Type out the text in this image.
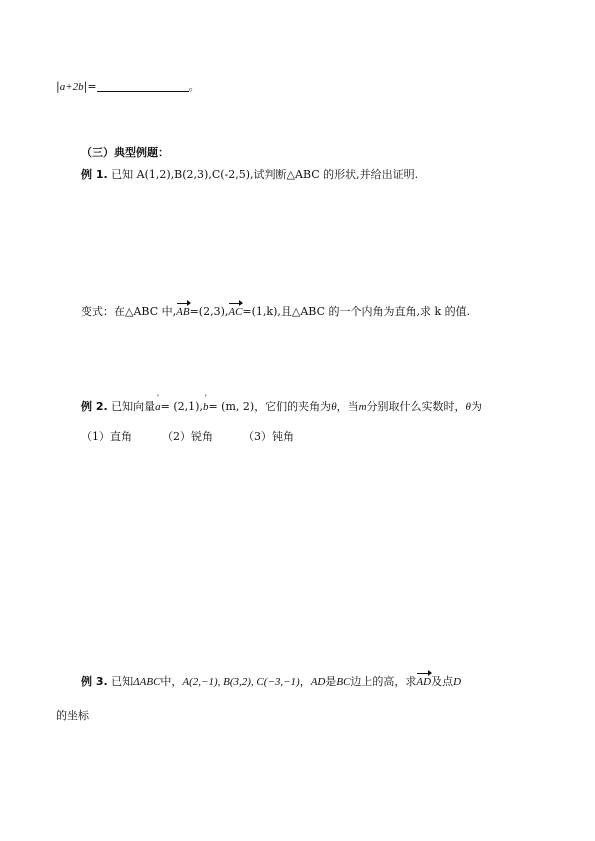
|a+2b|=	。
（三）典型例题：
例 1. 已知 A(1,2),B(2,3),C(-2,5),试判断△ABC 的形状,并给出证明.
变式：在△ABC 中,AB=(2,3),AC=(1,k),且△ABC 的一个内角为直角,求 k 的值.
例 2. 已知向量' a= (2,1),' b= (m, 2)，它们的夹角为θ，当m分别取什么实数时，θ为
（1）直角	（2）锐角	（3）钝角
例 3. 已知ΔABC中，A(2,−1), B(3,2), C(−3,−1)，AD是BC边上的高，求AD及点D
的坐标
